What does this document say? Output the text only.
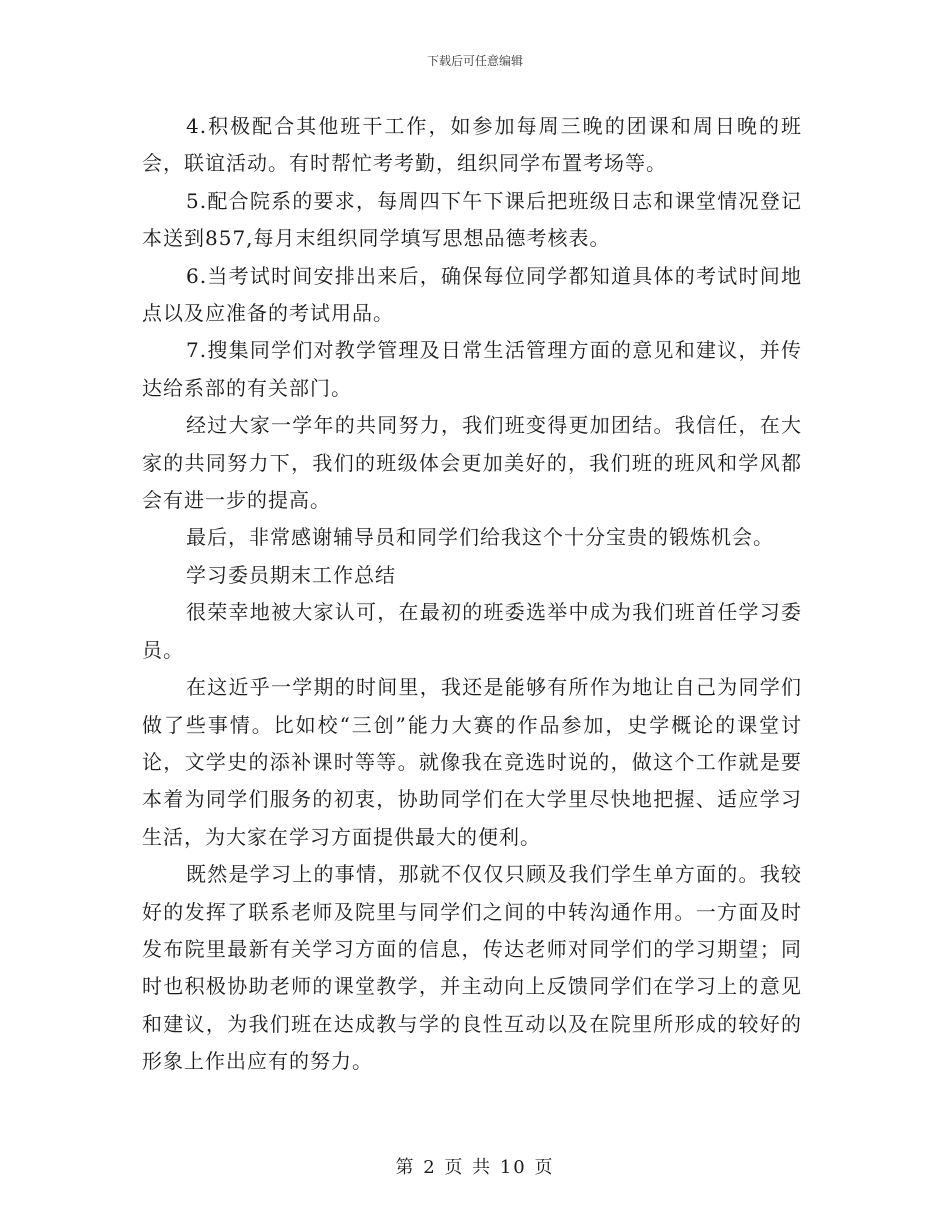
下载后可任意编辑

4.积极配合其他班干工作，如参加每周三晚的团课和周日晚的班会，联谊活动。有时帮忙考考勤，组织同学布置考场等。

5.配合院系的要求，每周四下午下课后把班级日志和课堂情况登记本送到857,每月末组织同学填写思想品德考核表。

6.当考试时间安排出来后，确保每位同学都知道具体的考试时间地点以及应准备的考试用品。

7.搜集同学们对教学管理及日常生活管理方面的意见和建议，并传达给系部的有关部门。

经过大家一学年的共同努力，我们班变得更加团结。我信任，在大家的共同努力下，我们的班级体会更加美好的，我们班的班风和学风都会有进一步的提高。

最后，非常感谢辅导员和同学们给我这个十分宝贵的锻炼机会。

学习委员期末工作总结

很荣幸地被大家认可，在最初的班委选举中成为我们班首任学习委员。

在这近乎一学期的时间里，我还是能够有所作为地让自己为同学们做了些事情。比如校“三创”能力大赛的作品参加，史学概论的课堂讨论，文学史的添补课时等等。就像我在竞选时说的，做这个工作就是要本着为同学们服务的初衷，协助同学们在大学里尽快地把握、适应学习生活，为大家在学习方面提供最大的便利。

既然是学习上的事情，那就不仅仅只顾及我们学生单方面的。我较好的发挥了联系老师及院里与同学们之间的中转沟通作用。一方面及时发布院里最新有关学习方面的信息，传达老师对同学们的学习期望；同时也积极协助老师的课堂教学，并主动向上反馈同学们在学习上的意见和建议，为我们班在达成教与学的良性互动以及在院里所形成的较好的形象上作出应有的努力。

第 2 页 共 10 页
